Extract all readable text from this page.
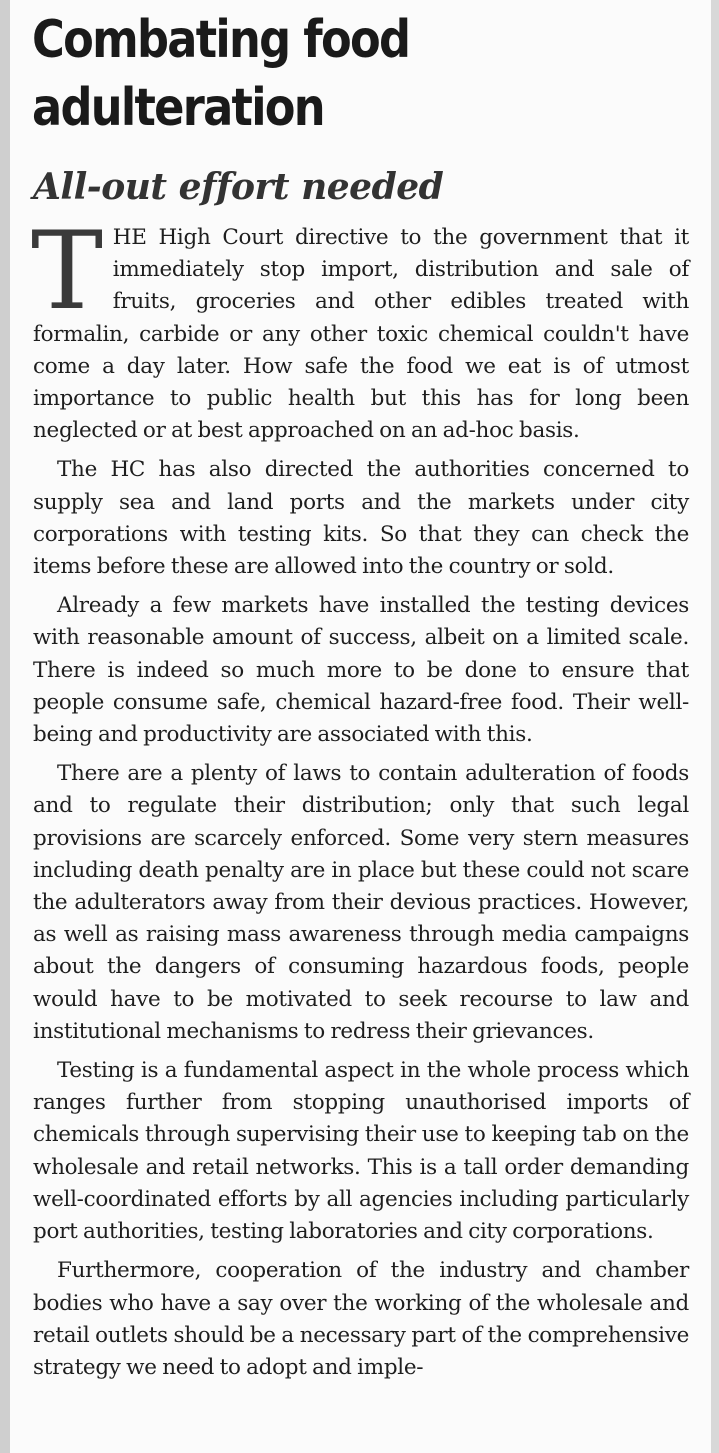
Combating food adulteration
All-out effort needed

THE High Court directive to the government that it immediately stop import, distribution and sale of fruits, groceries and other edibles treated with formalin, carbide or any other toxic chemical couldn't have come a day later. How safe the food we eat is of utmost importance to public health but this has for long been neglected or at best approached on an ad-hoc basis.

The HC has also directed the authorities concerned to supply sea and land ports and the markets under city corporations with testing kits. So that they can check the items before these are allowed into the country or sold.

Already a few markets have installed the testing devices with reasonable amount of success, albeit on a limited scale. There is indeed so much more to be done to ensure that people consume safe, chemical hazard-free food. Their well-being and productivity are associated with this.

There are a plenty of laws to contain adulteration of foods and to regulate their distribution; only that such legal provisions are scarcely enforced. Some very stern measures including death penalty are in place but these could not scare the adulterators away from their devious practices. However, as well as raising mass awareness through media campaigns about the dangers of consuming hazardous foods, people would have to be motivated to seek recourse to law and institutional mechanisms to redress their grievances.

Testing is a fundamental aspect in the whole process which ranges further from stopping unauthorised imports of chemicals through supervising their use to keeping tab on the wholesale and retail networks. This is a tall order demanding well-coordinated efforts by all agencies including particularly port authorities, testing laboratories and city corporations.

Furthermore, cooperation of the industry and chamber bodies who have a say over the working of the wholesale and retail outlets should be a necessary part of the comprehensive strategy we need to adopt and imple-
